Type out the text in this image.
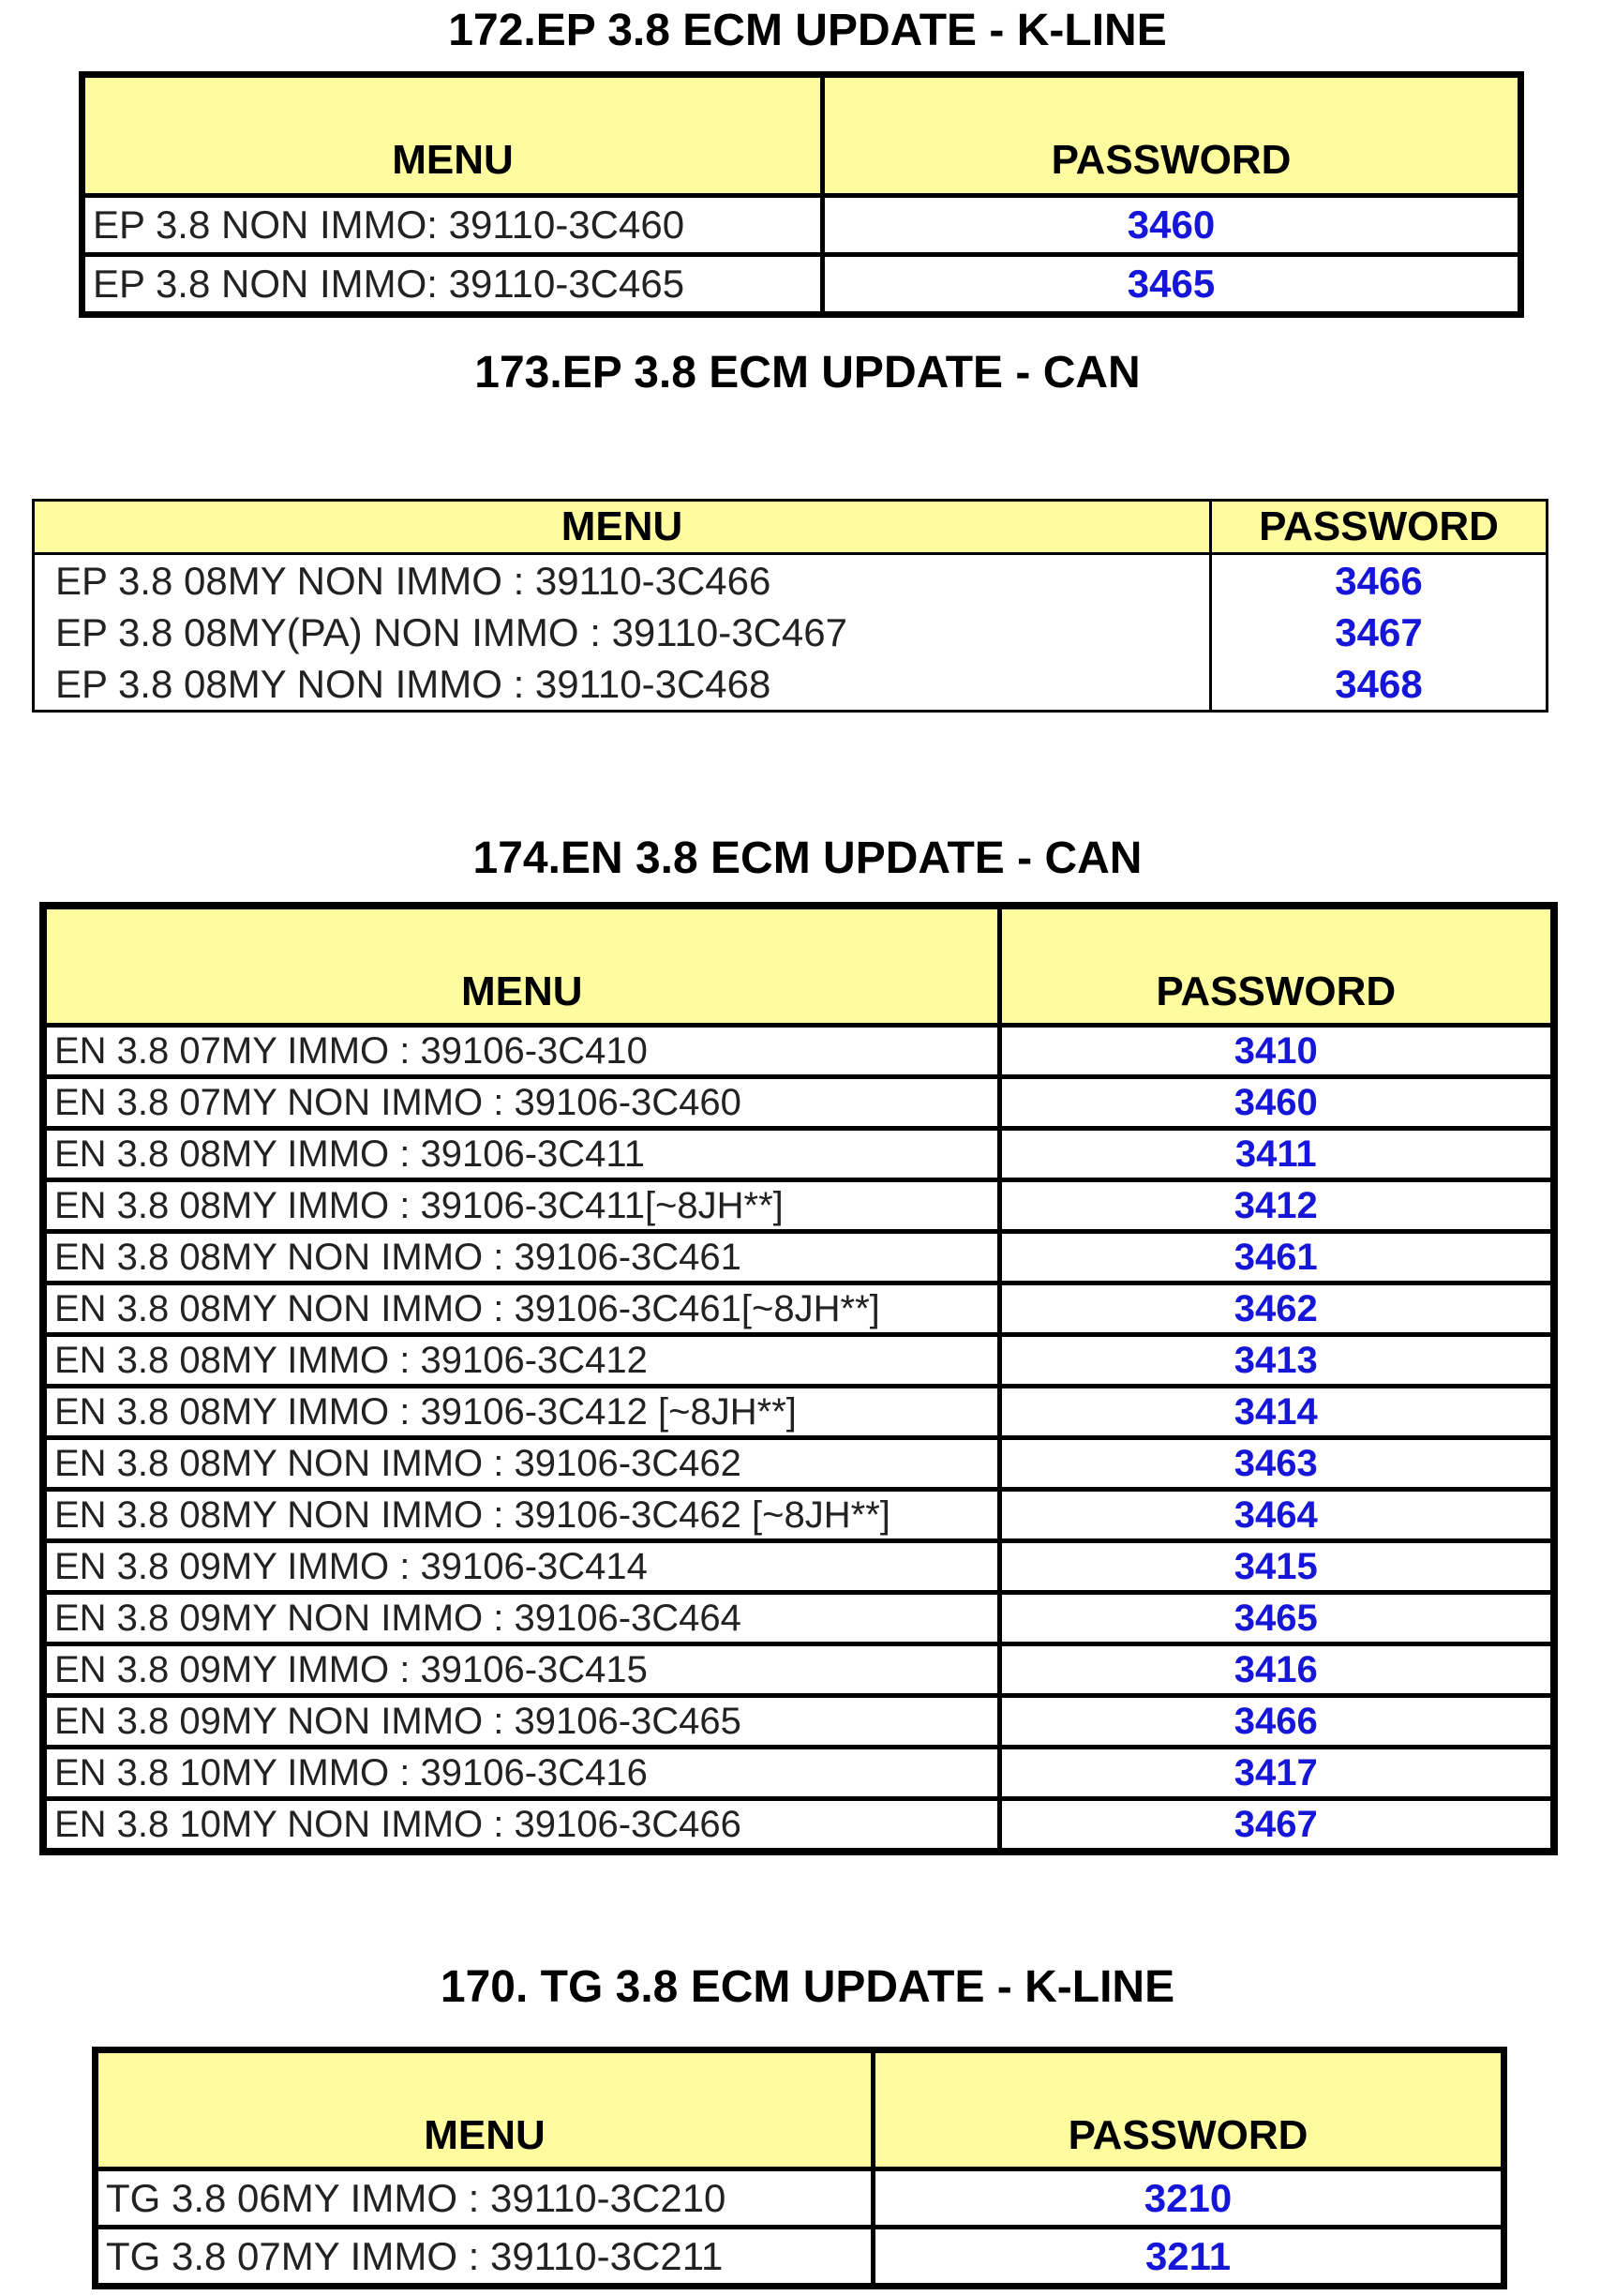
172.EP 3.8 ECM UPDATE - K-LINE
MENU	PASSWORD
EP 3.8 NON IMMO: 39110-3C460	3460
EP 3.8 NON IMMO: 39110-3C465	3465
173.EP 3.8 ECM UPDATE - CAN
MENU	PASSWORD
EP 3.8 08MY NON IMMO : 39110-3C466	3466
EP 3.8 08MY(PA) NON IMMO : 39110-3C467	3467
EP 3.8 08MY NON IMMO : 39110-3C468	3468
174.EN 3.8 ECM UPDATE - CAN
MENU	PASSWORD
EN 3.8 07MY IMMO : 39106-3C410	3410
EN 3.8 07MY NON IMMO : 39106-3C460	3460
EN 3.8 08MY IMMO : 39106-3C411	3411
EN 3.8 08MY IMMO : 39106-3C411[~8JH**]	3412
EN 3.8 08MY NON IMMO : 39106-3C461	3461
EN 3.8 08MY NON IMMO : 39106-3C461[~8JH**]	3462
EN 3.8 08MY IMMO : 39106-3C412	3413
EN 3.8 08MY IMMO : 39106-3C412 [~8JH**]	3414
EN 3.8 08MY NON IMMO : 39106-3C462	3463
EN 3.8 08MY NON IMMO : 39106-3C462 [~8JH**]	3464
EN 3.8 09MY IMMO : 39106-3C414	3415
EN 3.8 09MY NON IMMO : 39106-3C464	3465
EN 3.8 09MY IMMO : 39106-3C415	3416
EN 3.8 09MY NON IMMO : 39106-3C465	3466
EN 3.8 10MY IMMO : 39106-3C416	3417
EN 3.8 10MY NON IMMO : 39106-3C466	3467
170. TG 3.8 ECM UPDATE - K-LINE
MENU	PASSWORD
TG 3.8 06MY IMMO : 39110-3C210	3210
TG 3.8 07MY IMMO : 39110-3C211	3211
